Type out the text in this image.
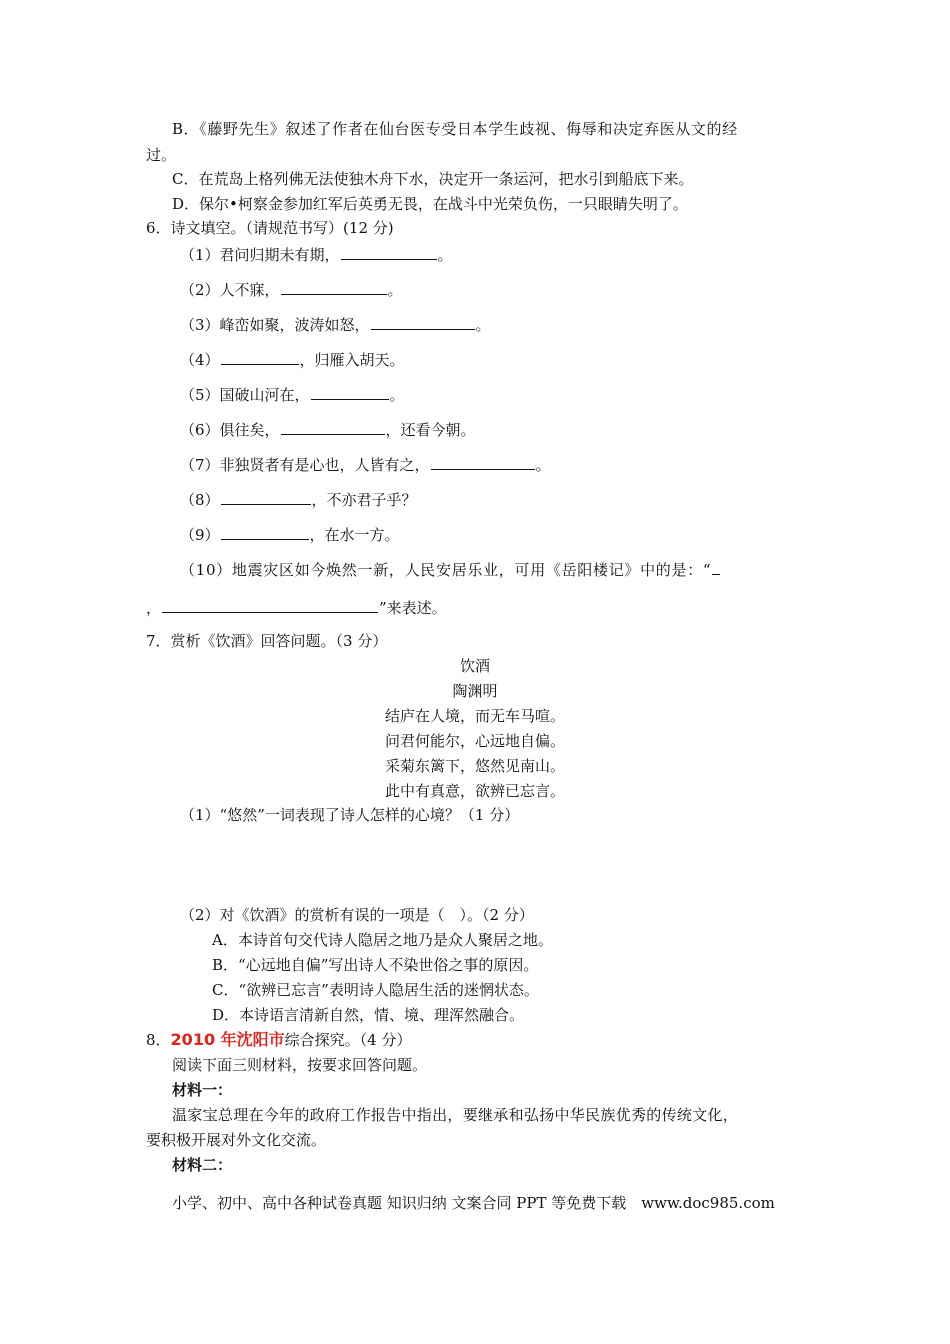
B．《藤野先生》叙述了作者在仙台医专受日本学生歧视、侮辱和决定弃医从文的经
过。
C．在荒岛上格列佛无法使独木舟下水，决定开一条运河，把水引到船底下来。
D．保尔•柯察金参加红军后英勇无畏，在战斗中光荣负伤，一只眼睛失明了。
6．诗文填空。（请规范书写）(12 分)
（1）君问归期未有期，	。
（2）人不寐，	。
（3）峰峦如聚，波涛如怒，	。
（4）	，归雁入胡天。
（5）国破山河在，	。
（6）俱往矣，	，还看今朝。
（7）非独贤者有是心也，人皆有之，	。
（8）	，不亦君子乎？
（9）	，在水一方。
（10）地震灾区如今焕然一新，人民安居乐业，可用《岳阳楼记》中的是：“
，	”来表述。
7．赏析《饮酒》回答问题。（3 分）
饮酒
陶渊明
结庐在人境，而无车马喧。
问君何能尔，心远地自偏。
采菊东篱下，悠然见南山。
此中有真意，欲辨已忘言。
（1）“悠然”一词表现了诗人怎样的心境？（1 分）
（2）对《饮酒》的赏析有误的一项是（　）。（2 分）
A．本诗首句交代诗人隐居之地乃是众人聚居之地。
B．“心远地自偏”写出诗人不染世俗之事的原因。
C．“欲辨已忘言”表明诗人隐居生活的迷惘状态。
D．本诗语言清新自然，情、境、理浑然融合。
8．2010 年沈阳市综合探究。（4 分）
阅读下面三则材料，按要求回答问题。
材料一：
温家宝总理在今年的政府工作报告中指出，要继承和弘扬中华民族优秀的传统文化，
要积极开展对外文化交流。
材料二：
小学、初中、高中各种试卷真题 知识归纳 文案合同 PPT 等免费下载　www.doc985.com
